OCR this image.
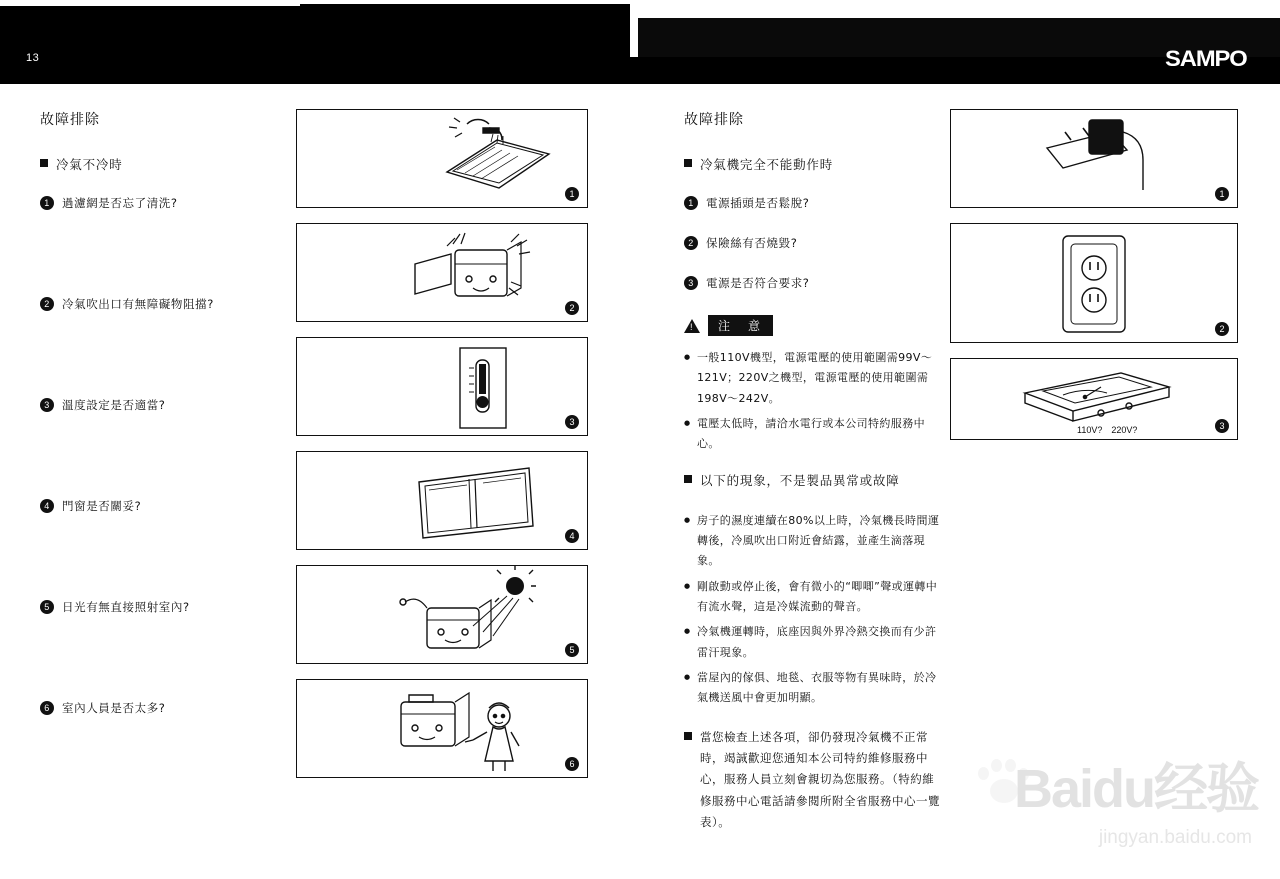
13	SAMPO
故障排除
冷氣不冷時
1	過濾網是否忘了清洗?
2	冷氣吹出口有無障礙物阻擋?
3	溫度設定是否適當?
4	門窗是否關妥?
5	日光有無直接照射室內?
6	室內人員是否太多?
1
2
3
4
5
6
故障排除
冷氣機完全不能動作時
1	電源插頭是否鬆脫?
2	保險絲有否燒毀?
3	電源是否符合要求?
!	注　意
● 一般110V機型，電源電壓的使用範圍需99V～121V；220V之機型，電源電壓的使用範圍需198V～242V。
● 電壓太低時，請洽水電行或本公司特約服務中心。
以下的現象，不是製品異常或故障
● 房子的濕度連續在80%以上時，冷氣機長時間運轉後，冷風吹出口附近會結露，並產生滴落現象。
● 剛啟動或停止後，會有微小的“唧唧”聲或運轉中有流水聲，這是冷媒流動的聲音。
● 冷氣機運轉時，底座因與外界冷熱交換而有少許雷汗現象。
● 當屋內的傢俱、地毯、衣服等物有異味時，於冷氣機送風中會更加明顯。
當您檢查上述各項，卻仍發現冷氣機不正常時，竭誠歡迎您通知本公司特約維修服務中心，服務人員立刻會親切為您服務。（特約維修服務中心電話請參閱所附全省服務中心一覽表）。
1
2
110V?　220V?	3
Baidu经验
jingyan.baidu.com
